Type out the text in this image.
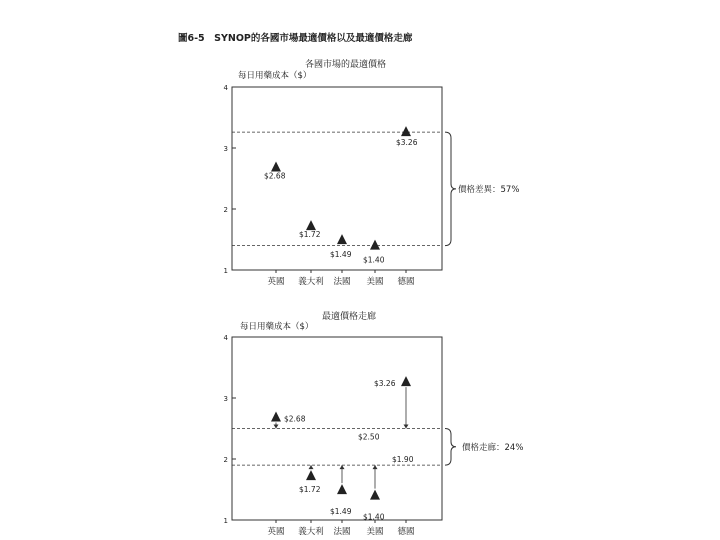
圖6-5　SYNOP的各國市場最適價格以及最適價格走廊
各國市場的最適價格
最適價格走廊
每日用藥成本（$）
1
2
3
4
英國 義大利 法國 美國 德國
價格差異：57%
$2.68
$1.72
$1.49
$1.40
$3.26
每日用藥成本（$）
1
2
3
4
英國 義大利 法國 美國 德國
價格走廊：24%
$2.50
$1.90
$2.68
$1.72
$1.49
$1.40
$3.26
